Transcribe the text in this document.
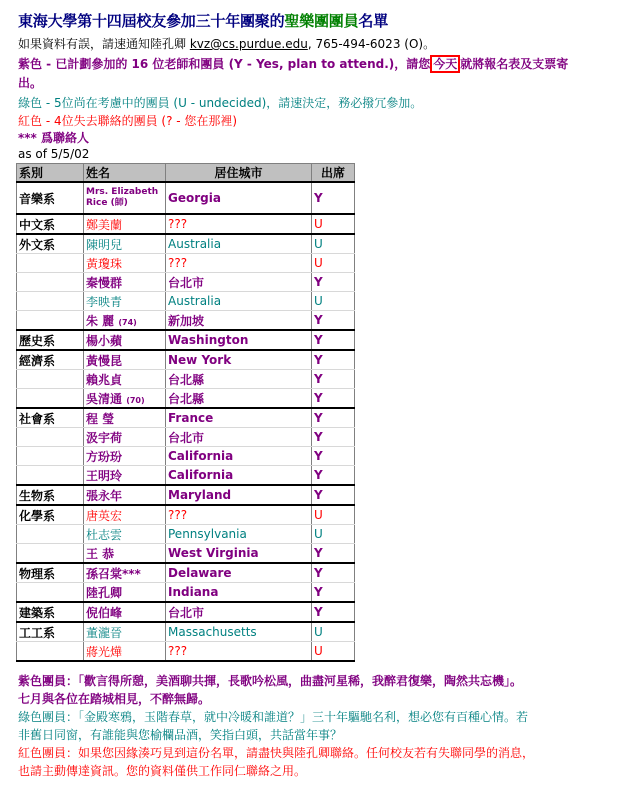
東海大學第十四屆校友參加三十年團聚的聖樂團團員名單
如果資料有誤，請速通知陸孔卿 kvz@cs.purdue.edu, 765-494-6023 (O)。
紫色 - 已計劃參加的 16 位老師和團員 (Y - Yes, plan to attend.)，請您 今天 就將報名表及支票寄
出。
綠色 - 5位尚在考慮中的團員 (U - undecided)，請速決定，務必撥冗參加。
紅色 - 4位失去聯絡的團員 (? - 您在那裡)
*** 爲聯絡人
as of 5/5/02
系別	姓名	居住城市	出席
音樂系	Mrs. Elizabeth Rice (師)	Georgia	Y
中文系	鄭美蘭	???	U
外文系	陳明兒	Australia	U
	黃瓊珠	???	U
	秦慢群	台北市	Y
	李映青	Australia	U
	朱 麗 (74)	新加坡	Y
歷史系	楊小蘋	Washington	Y
經濟系	黃慢昆	New York	Y
	賴兆貞	台北縣	Y
	吳清通 (70)	台北縣	Y
社會系	程 瑩	France	Y
	汲宇荷	台北市	Y
	方玢玢	California	Y
	王明玲	California	Y
生物系	張永年	Maryland	Y
化學系	唐英宏	???	U
	杜志雲	Pennsylvania	U
	王 恭	West Virginia	Y
物理系	孫召棠***	Delaware	Y
	陸孔卿	Indiana	Y
建築系	倪伯峰	台北市	Y
工工系	董瀧晉	Massachusetts	U
	蔣光燁	???	U
紫色團員：「歡言得所憩，美酒聊共揮，長歌吟松風，曲盡河星稀，我醉君復樂，陶然共忘機」。
七月與各位在踏城相見，不醉無歸。
綠色團員：「金殿寒鴉，玉階春草，就中冷暖和誰道？」三十年驅馳名利，想必您有百種心情。若
非舊日同窗，有誰能與您榆欄品酒，笑指白頭，共話當年事？
紅色團員：如果您因緣湊巧見到這份名單，請盡快與陸孔卿聯絡。任何校友若有失聯同學的消息，
也請主動傳達資訊。您的資料僅供工作同仁聯絡之用。
